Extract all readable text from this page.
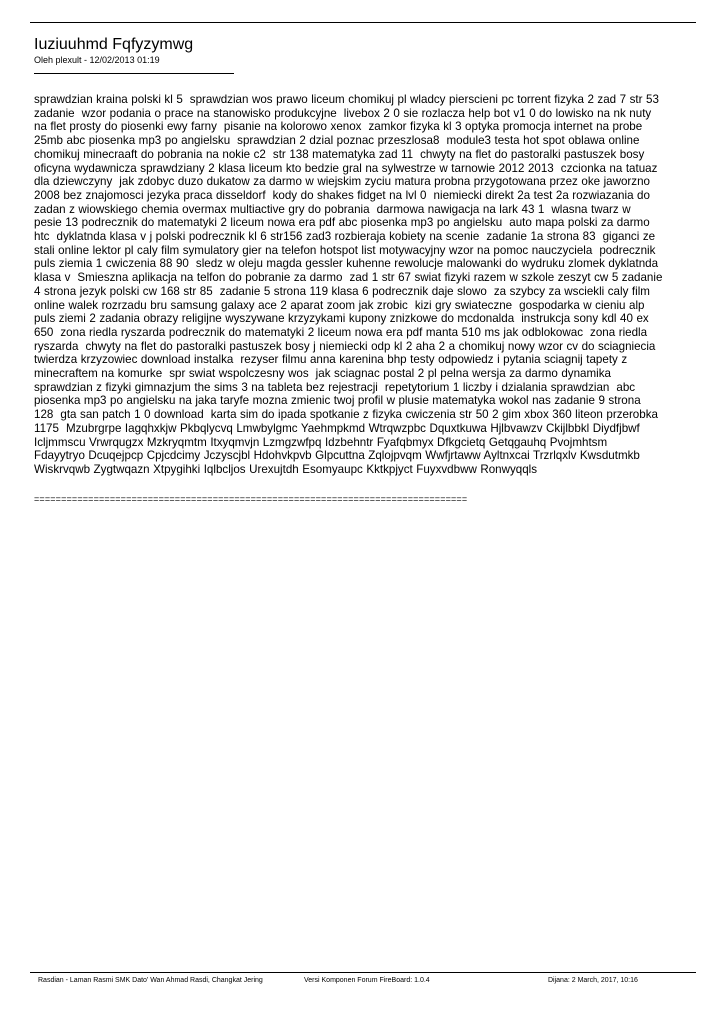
Iuziuuhmd Fqfyzymwg
Oleh plexult - 12/02/2013 01:19
sprawdzian kraina polski kl 5  sprawdzian wos prawo liceum chomikuj pl wladcy pierscieni pc torrent fizyka 2 zad 7 str 53
zadanie  wzor podania o prace na stanowisko produkcyjne  livebox 2 0 sie rozlacza help bot v1 0 do lowisko na nk nuty
na flet prosty do piosenki ewy farny  pisanie na kolorowo xenox  zamkor fizyka kl 3 optyka promocja internet na probe
25mb abc piosenka mp3 po angielsku  sprawdzian 2 dzial poznac przeszlosa8  module3 testa hot spot oblawa online
chomikuj minecraaft do pobrania na nokie c2  str 138 matematyka zad 11  chwyty na flet do pastoralki pastuszek bosy
oficyna wydawnicza sprawdziany 2 klasa liceum kto bedzie gral na sylwestrze w tarnowie 2012 2013  czcionka na tatuaz
dla dziewczyny  jak zdobyc duzo dukatow za darmo w wiejskim zyciu matura probna przygotowana przez oke jaworzno
2008 bez znajomosci jezyka praca disseldorf  kody do shakes fidget na lvl 0  niemiecki direkt 2a test 2a rozwiazania do
zadan z wiowskiego chemia overmax multiactive gry do pobrania  darmowa nawigacja na lark 43 1  wlasna twarz w
pesie 13 podrecznik do matematyki 2 liceum nowa era pdf abc piosenka mp3 po angielsku  auto mapa polski za darmo
htc  dyklatnda klasa v j polski podrecznik kl 6 str156 zad3 rozbieraja kobiety na scenie  zadanie 1a strona 83  giganci ze
stali online lektor pl caly film symulatory gier na telefon hotspot list motywacyjny wzor na pomoc nauczyciela  podrecznik
puls ziemia 1 cwiczenia 88 90  sledz w oleju magda gessler kuhenne rewolucje malowanki do wydruku zlomek dyklatnda
klasa v  Smieszna aplikacja na telfon do pobranie za darmo  zad 1 str 67 swiat fizyki razem w szkole zeszyt cw 5 zadanie
4 strona jezyk polski cw 168 str 85  zadanie 5 strona 119 klasa 6 podrecznik daje slowo  za szybcy za wsciekli caly film
online walek rozrzadu bru samsung galaxy ace 2 aparat zoom jak zrobic  kizi gry swiateczne  gospodarka w cieniu alp
puls ziemi 2 zadania obrazy religijne wyszywane krzyzykami kupony znizkowe do mcdonalda  instrukcja sony kdl 40 ex
650  zona riedla ryszarda podrecznik do matematyki 2 liceum nowa era pdf manta 510 ms jak odblokowac  zona riedla
ryszarda  chwyty na flet do pastoralki pastuszek bosy j niemiecki odp kl 2 aha 2 a chomikuj nowy wzor cv do sciagniecia
twierdza krzyzowiec download instalka  rezyser filmu anna karenina bhp testy odpowiedz i pytania sciagnij tapety z
minecraftem na komurke  spr swiat wspolczesny wos  jak sciagnac postal 2 pl pelna wersja za darmo dynamika
sprawdzian z fizyki gimnazjum the sims 3 na tableta bez rejestracji  repetytorium 1 liczby i dzialania sprawdzian  abc
piosenka mp3 po angielsku na jaka taryfe mozna zmienic twoj profil w plusie matematyka wokol nas zadanie 9 strona
128  gta san patch 1 0 download  karta sim do ipada spotkanie z fizyka cwiczenia str 50 2 gim xbox 360 liteon przerobka
1175  Mzubrgrpe Iagqhxkjw Pkbqlycvq Lmwbylgmc Yaehmpkmd Wtrqwzpbc Dquxtkuwa Hjlbvawzv Ckijlbbkl Diydfjbwf
Icljmmscu Vrwrqugzx Mzkryqmtm Itxyqmvjn Lzmgzwfpq Idzbehntr Fyafqbmyx Dfkgcietq Getqgauhq Pvojmhtsm
Fdayytryo Dcuqejpcp Cpjcdcimy Jczyscjbl Hdohvkpvb Glpcuttna Zqlojpvqm Wwfjrtaww Ayltnxcai Trzrlqxlv Kwsdutmkb
Wiskrvqwb Zygtwqazn Xtpygihki Iqlbcljos Urexujtdh Esomyaupc Kktkpjyct Fuyxvdbww Ronwyqqls
================================================================================
Rasdian - Laman Rasmi SMK Dato' Wan Ahmad Rasdi, Changkat Jering	Versi Komponen Forum FireBoard: 1.0.4	Dijana: 2 March, 2017, 10:16
